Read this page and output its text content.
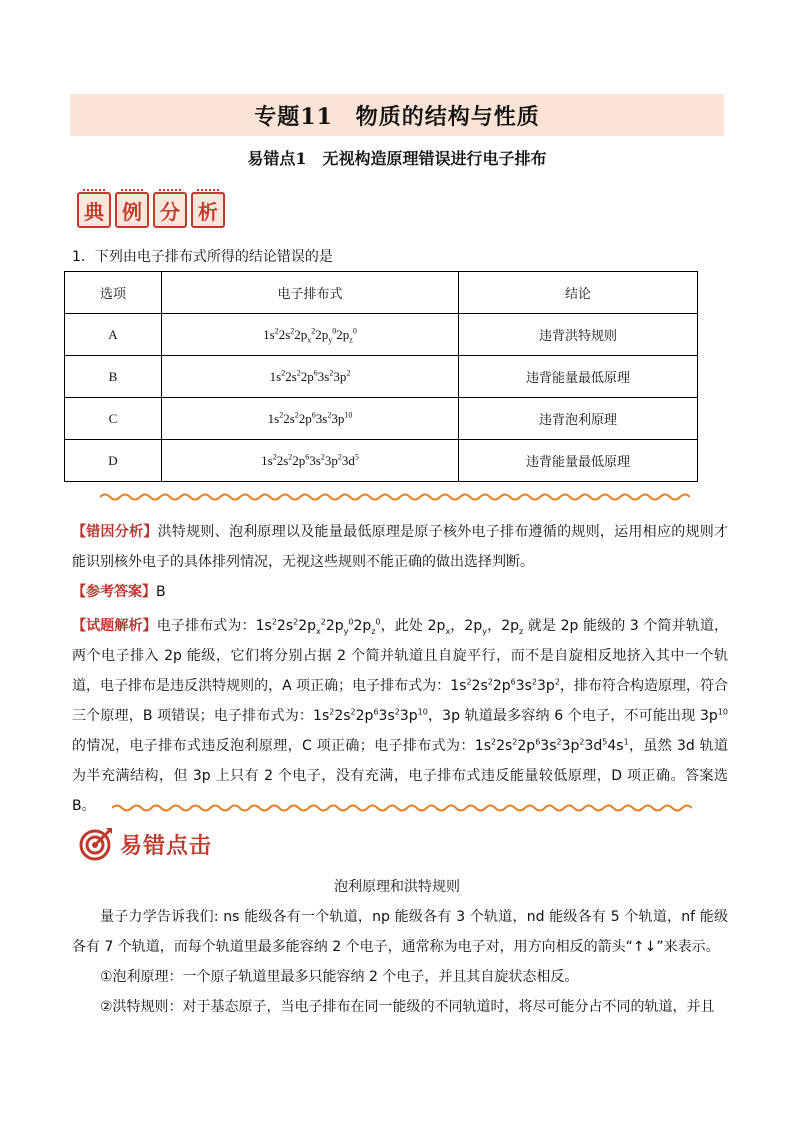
专题11　物质的结构与性质
易错点1　无视构造原理错误进行电子排布
典 例 分 析
1．下列由电子排布式所得的结论错误的是
选项	电子排布式	结论
A	$1s^22s^22p_x^22p_y^02p_z^0$	违背洪特规则
B	$1s^22s^22p^63s^23p^2$	违背能量最低原理
C	$1s^22s^22p^63s^23p^{10}$	违背泡利原理
D	$1s^22s^22p^63s^23p^23d^5$	违背能量最低原理
【错因分析】洪特规则、泡利原理以及能量最低原理是原子核外电子排布遵循的规则，运用相应的规则才能识别核外电子的具体排列情况，无视这些规则不能正确的做出选择判断。
【参考答案】B
【试题解析】电子排布式为：$1s^22s^22p_x^22p_y^02p_z^0$，此处 $2p_x$，$2p_y$，$2p_z$ 就是 2p 能级的 3 个简并轨道，两个电子排入 2p 能级，它们将分别占据 2 个简并轨道且自旋平行，而不是自旋相反地挤入其中一个轨道，电子排布是违反洪特规则的，A 项正确；电子排布式为：$1s^22s^22p^63s^23p^2$，排布符合构造原理，符合三个原理，B 项错误；电子排布式为：$1s^22s^22p^63s^23p^{10}$，3p 轨道最多容纳 6 个电子，不可能出现 $3p^{10}$的情况，电子排布式违反泡利原理，C 项正确；电子排布式为：$1s^22s^22p^63s^23p^23d^54s^1$，虽然 3d 轨道为半充满结构，但 3p 上只有 2 个电子，没有充满，电子排布式违反能量较低原理，D 项正确。答案选 B。
易错点击
泡利原理和洪特规则
量子力学告诉我们: ns 能级各有一个轨道，np 能级各有 3 个轨道，nd 能级各有 5 个轨道，nf 能级各有 7 个轨道，而每个轨道里最多能容纳 2 个电子，通常称为电子对，用方向相反的箭头“↑↓”来表示。
①泡利原理：一个原子轨道里最多只能容纳 2 个电子，并且其自旋状态相反。
②洪特规则：对于基态原子，当电子排布在同一能级的不同轨道时，将尽可能分占不同的轨道，并且
